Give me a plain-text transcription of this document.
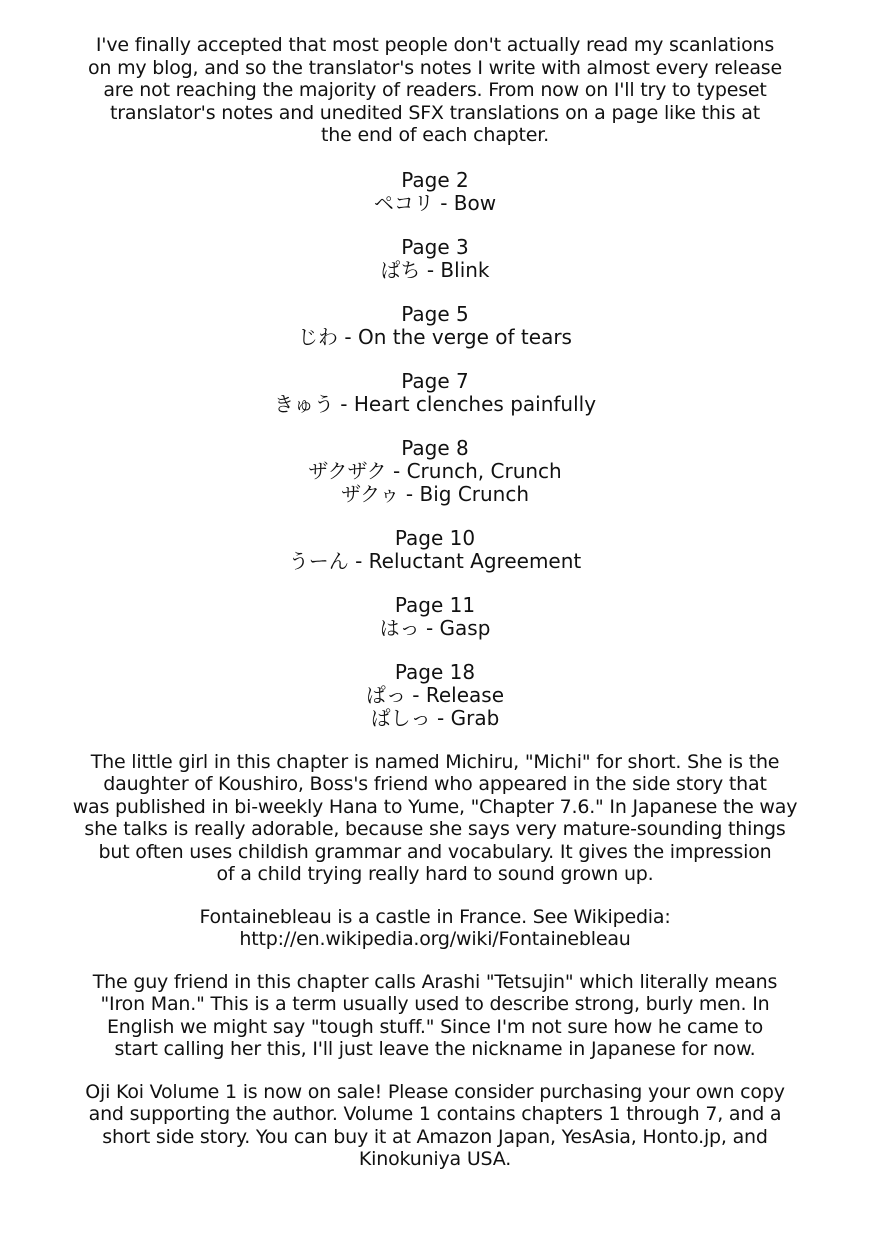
I've finally accepted that most people don't actually read my scanlations
on my blog, and so the translator's notes I write with almost every release
are not reaching the majority of readers. From now on I'll try to typeset
translator's notes and unedited SFX translations on a page like this at
the end of each chapter.
Page 2
ペコリ - Bow
Page 3
ぱち - Blink
Page 5
じわ - On the verge of tears
Page 7
きゅう - Heart clenches painfully
Page 8
ザクザク - Crunch, Crunch
ザクゥ - Big Crunch
Page 10
うーん - Reluctant Agreement
Page 11
はっ - Gasp
Page 18
ぱっ - Release
ぱしっ - Grab
The little girl in this chapter is named Michiru, "Michi" for short. She is the
daughter of Koushiro, Boss's friend who appeared in the side story that
was published in bi-weekly Hana to Yume, "Chapter 7.6." In Japanese the way
she talks is really adorable, because she says very mature-sounding things
but often uses childish grammar and vocabulary. It gives the impression
of a child trying really hard to sound grown up.
Fontainebleau is a castle in France. See Wikipedia:
http://en.wikipedia.org/wiki/Fontainebleau
The guy friend in this chapter calls Arashi "Tetsujin" which literally means
"Iron Man." This is a term usually used to describe strong, burly men. In
English we might say "tough stuff." Since I'm not sure how he came to
start calling her this, I'll just leave the nickname in Japanese for now.
Oji Koi Volume 1 is now on sale! Please consider purchasing your own copy
and supporting the author. Volume 1 contains chapters 1 through 7, and a
short side story. You can buy it at Amazon Japan, YesAsia, Honto.jp, and
Kinokuniya USA.
